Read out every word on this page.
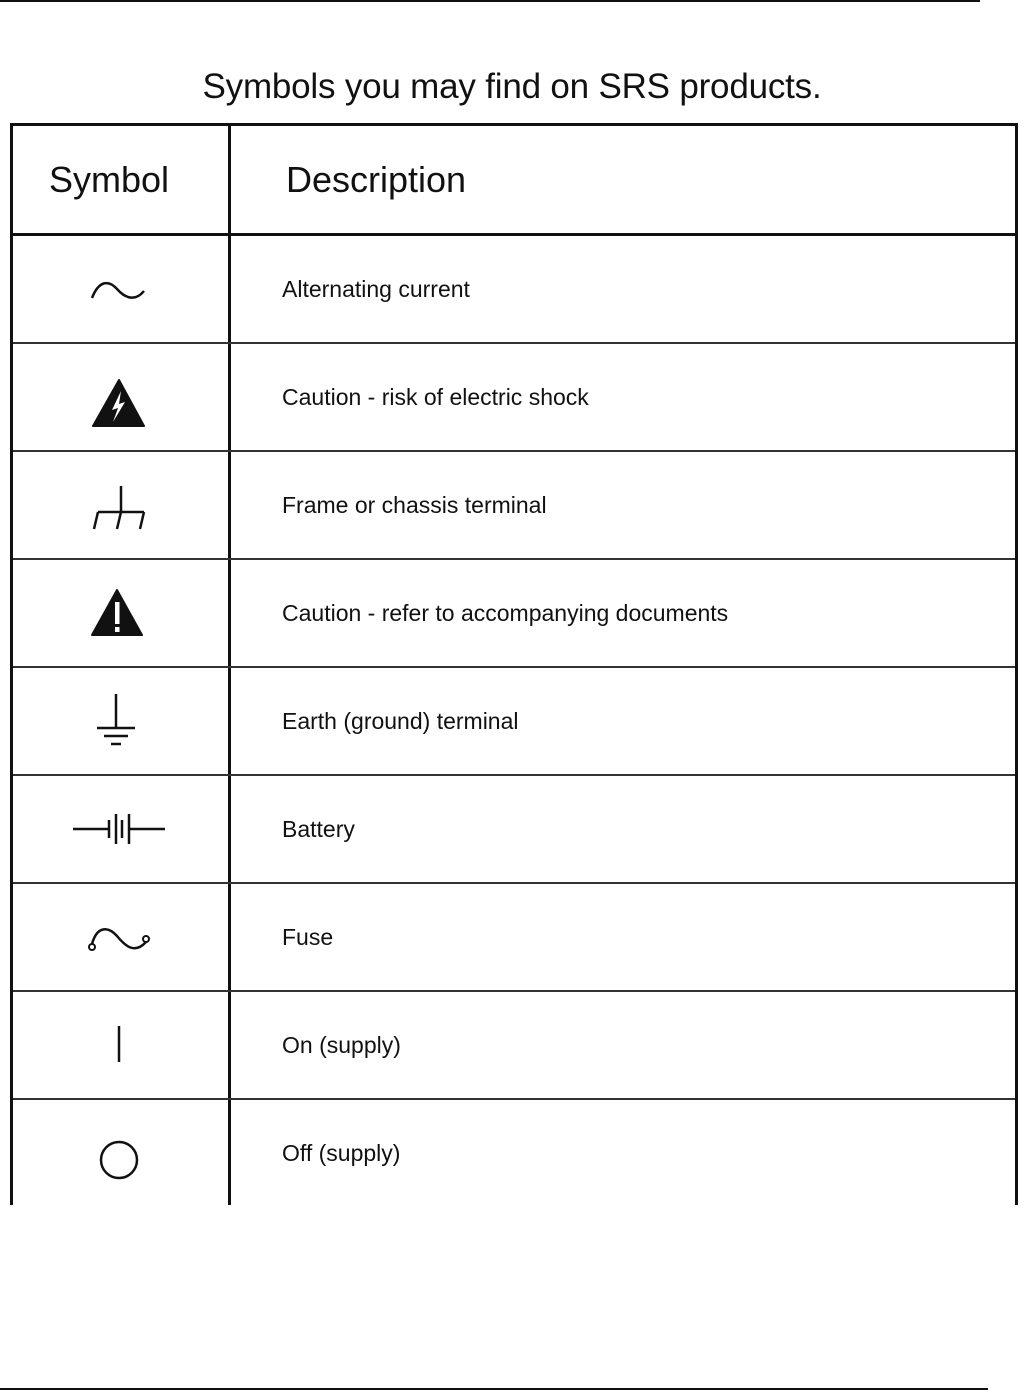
Symbols you may find on SRS products.
Symbol	Description
Alternating current
Caution - risk of electric shock
Frame or chassis terminal
Caution - refer to accompanying documents
Earth (ground) terminal
Battery
Fuse
On (supply)
Off (supply)
